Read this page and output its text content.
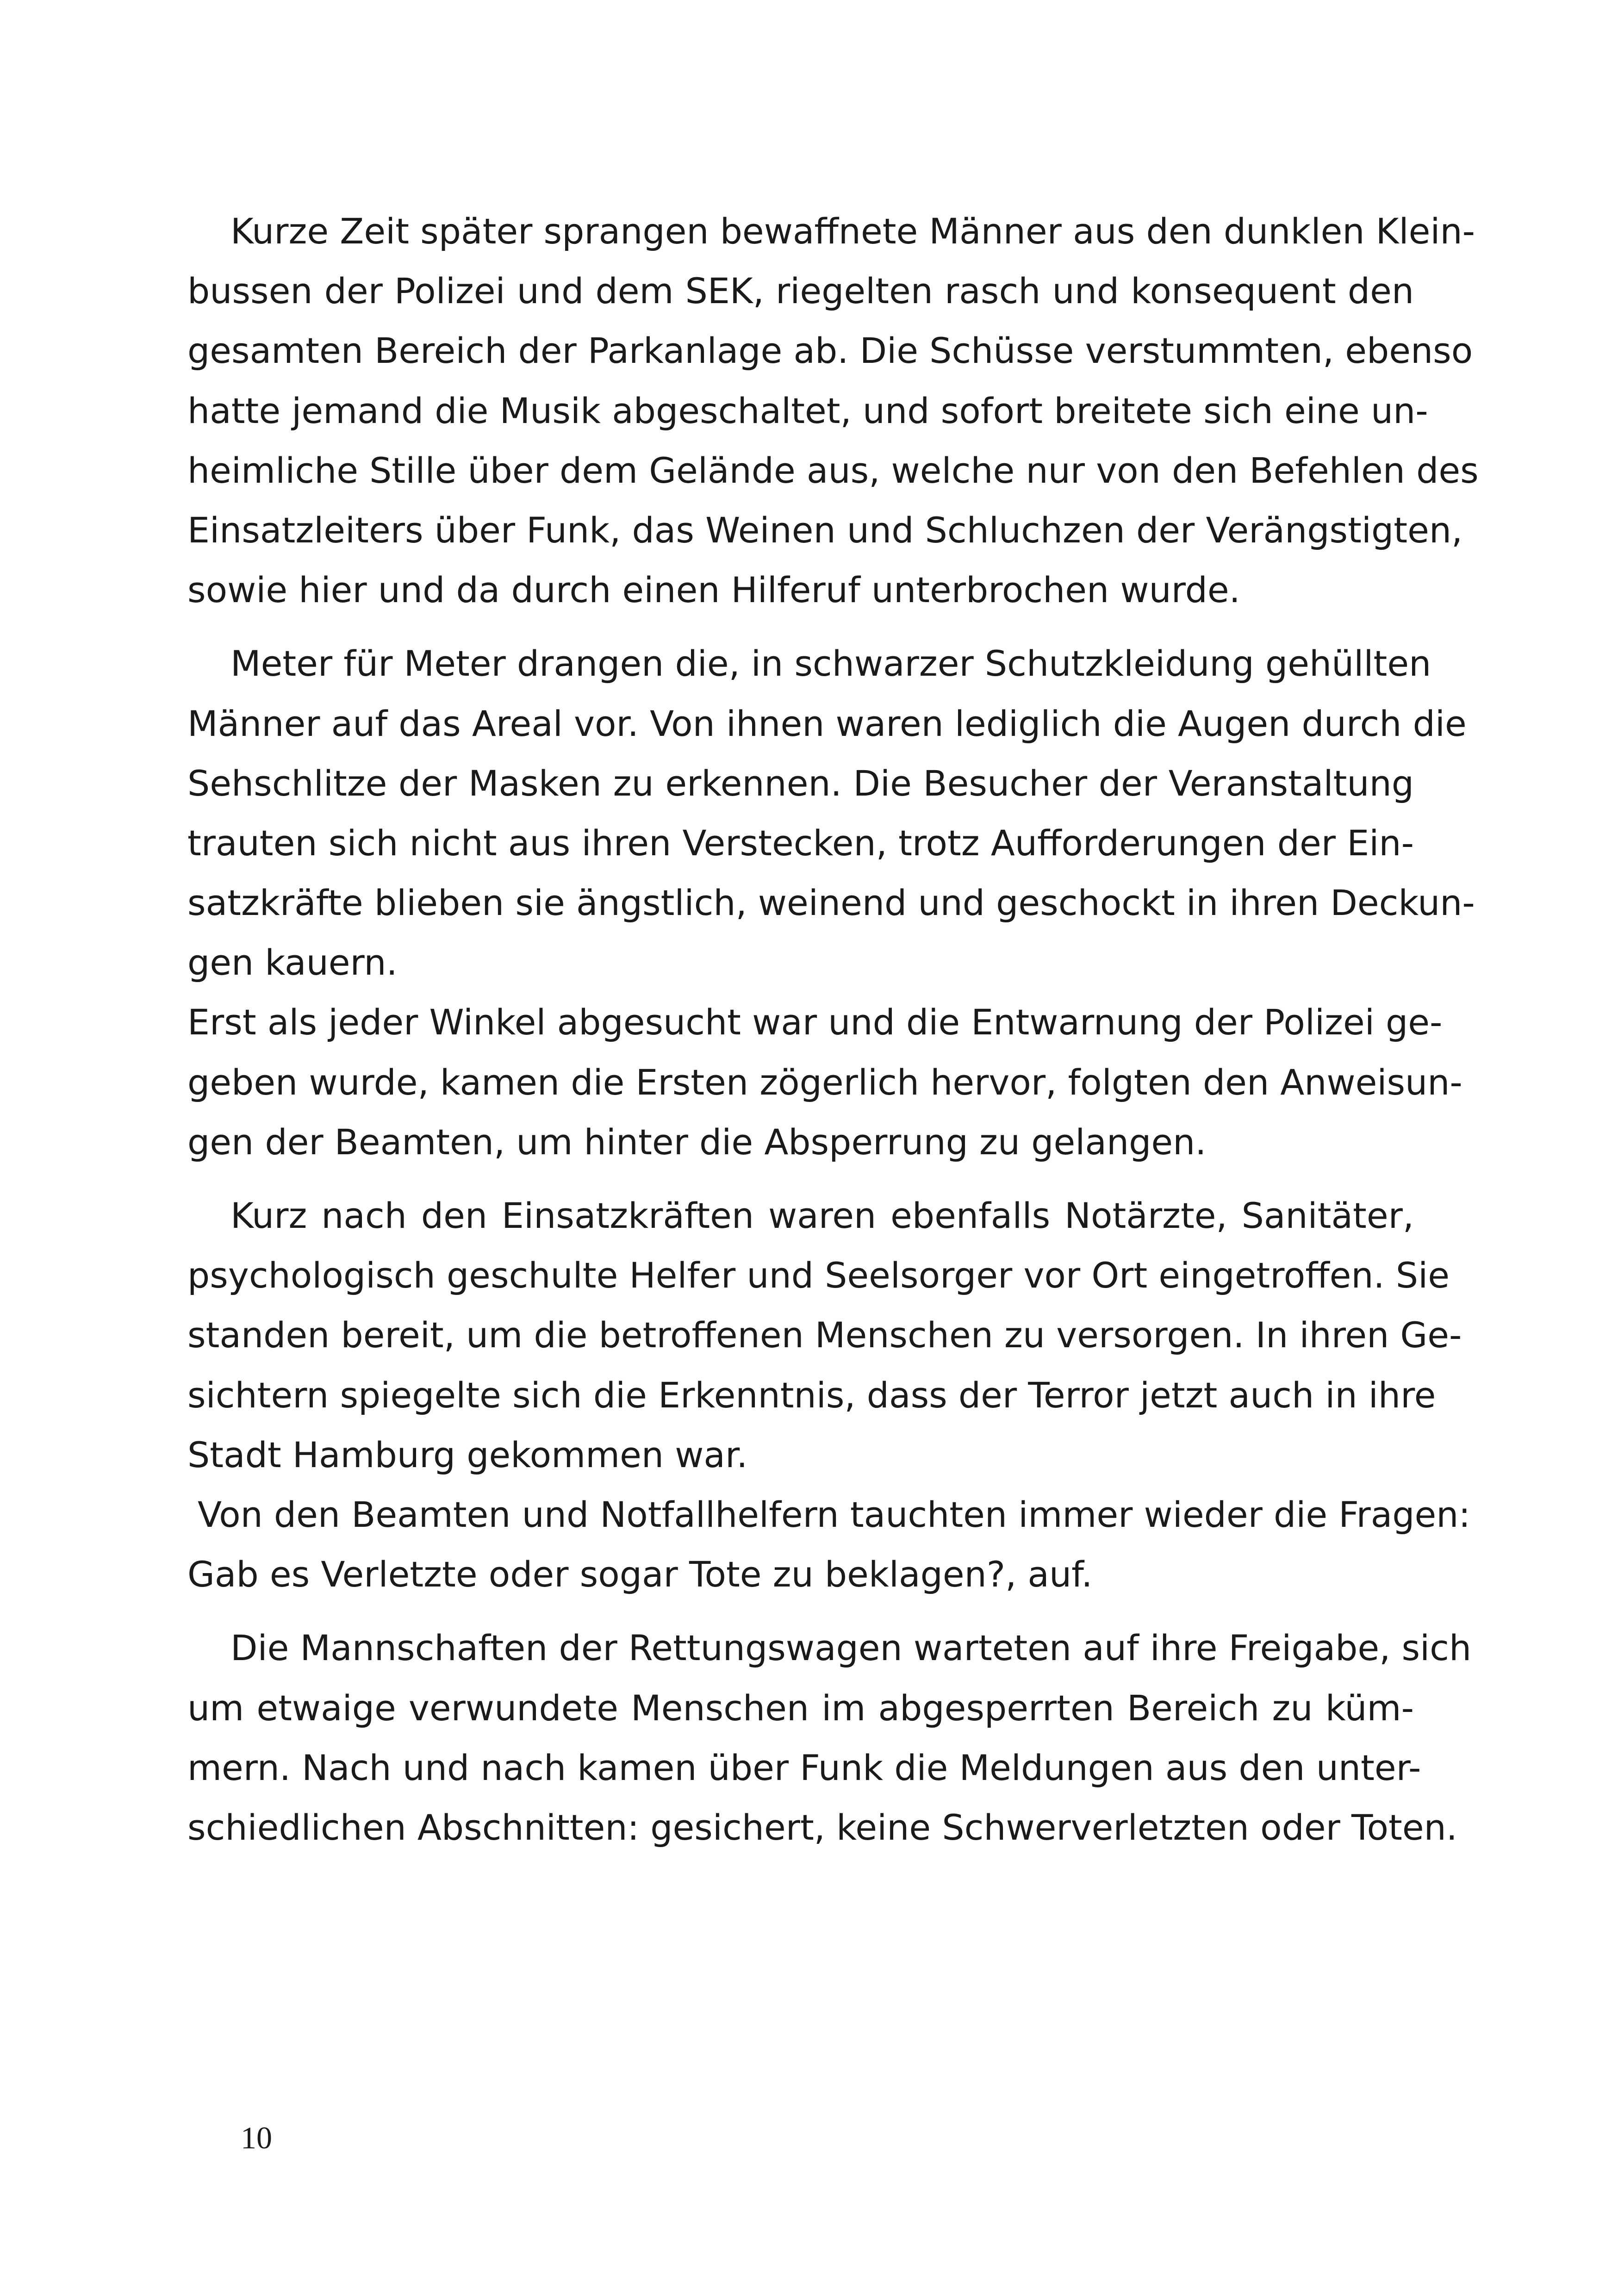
Kurze Zeit später sprangen bewaffnete Männer aus den dunklen Klein-
bussen der Polizei und dem SEK, riegelten rasch und konsequent den
gesamten Bereich der Parkanlage ab. Die Schüsse verstummten, ebenso
hatte jemand die Musik abgeschaltet, und sofort breitete sich eine un-
heimliche Stille über dem Gelände aus, welche nur von den Befehlen des
Einsatzleiters über Funk, das Weinen und Schluchzen der Verängstigten,
sowie hier und da durch einen Hilferuf unterbrochen wurde.
Meter für Meter drangen die, in schwarzer Schutzkleidung gehüllten
Männer auf das Areal vor. Von ihnen waren lediglich die Augen durch die
Sehschlitze der Masken zu erkennen. Die Besucher der Veranstaltung
trauten sich nicht aus ihren Verstecken, trotz Aufforderungen der Ein-
satzkräfte blieben sie ängstlich, weinend und geschockt in ihren Deckun-
gen kauern.
Erst als jeder Winkel abgesucht war und die Entwarnung der Polizei ge-
geben wurde, kamen die Ersten zögerlich hervor, folgten den Anweisun-
gen der Beamten, um hinter die Absperrung zu gelangen.
Kurz nach den Einsatzkräften waren ebenfalls Notärzte, Sanitäter,
psychologisch geschulte Helfer und Seelsorger vor Ort eingetroffen. Sie
standen bereit, um die betroffenen Menschen zu versorgen. In ihren Ge-
sichtern spiegelte sich die Erkenntnis, dass der Terror jetzt auch in ihre
Stadt Hamburg gekommen war.
Von den Beamten und Notfallhelfern tauchten immer wieder die Fragen:
Gab es Verletzte oder sogar Tote zu beklagen?, auf.
Die Mannschaften der Rettungswagen warteten auf ihre Freigabe, sich
um etwaige verwundete Menschen im abgesperrten Bereich zu küm-
mern. Nach und nach kamen über Funk die Meldungen aus den unter-
schiedlichen Abschnitten: gesichert, keine Schwerverletzten oder Toten.
10
